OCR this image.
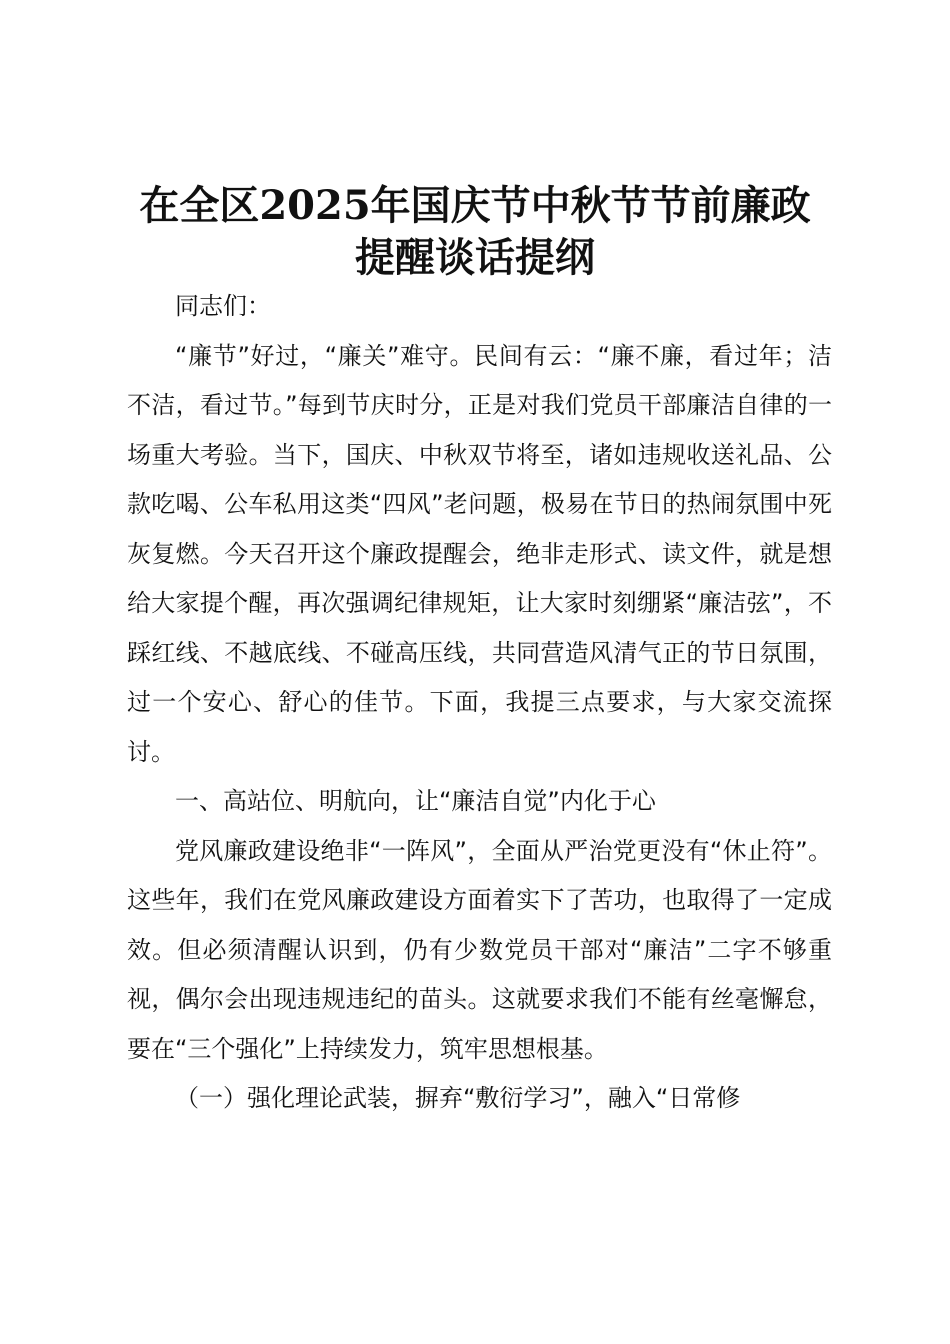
在全区2025年国庆节中秋节节前廉政
提醒谈话提纲

同志们：

“廉节”好过，“廉关”难守。民间有云：“廉不廉，看过年；洁不洁，看过节。”每到节庆时分，正是对我们党员干部廉洁自律的一场重大考验。当下，国庆、中秋双节将至，诸如违规收送礼品、公款吃喝、公车私用这类“四风”老问题，极易在节日的热闹氛围中死灰复燃。今天召开这个廉政提醒会，绝非走形式、读文件，就是想给大家提个醒，再次强调纪律规矩，让大家时刻绷紧“廉洁弦”，不踩红线、不越底线、不碰高压线，共同营造风清气正的节日氛围，过一个安心、舒心的佳节。下面，我提三点要求，与大家交流探讨。

一、高站位、明航向，让“廉洁自觉”内化于心

党风廉政建设绝非“一阵风”，全面从严治党更没有“休止符”。这些年，我们在党风廉政建设方面着实下了苦功，也取得了一定成效。但必须清醒认识到，仍有少数党员干部对“廉洁”二字不够重视，偶尔会出现违规违纪的苗头。这就要求我们不能有丝毫懈怠，要在“三个强化”上持续发力，筑牢思想根基。

（一）强化理论武装，摒弃“敷衍学习”，融入“日常修
